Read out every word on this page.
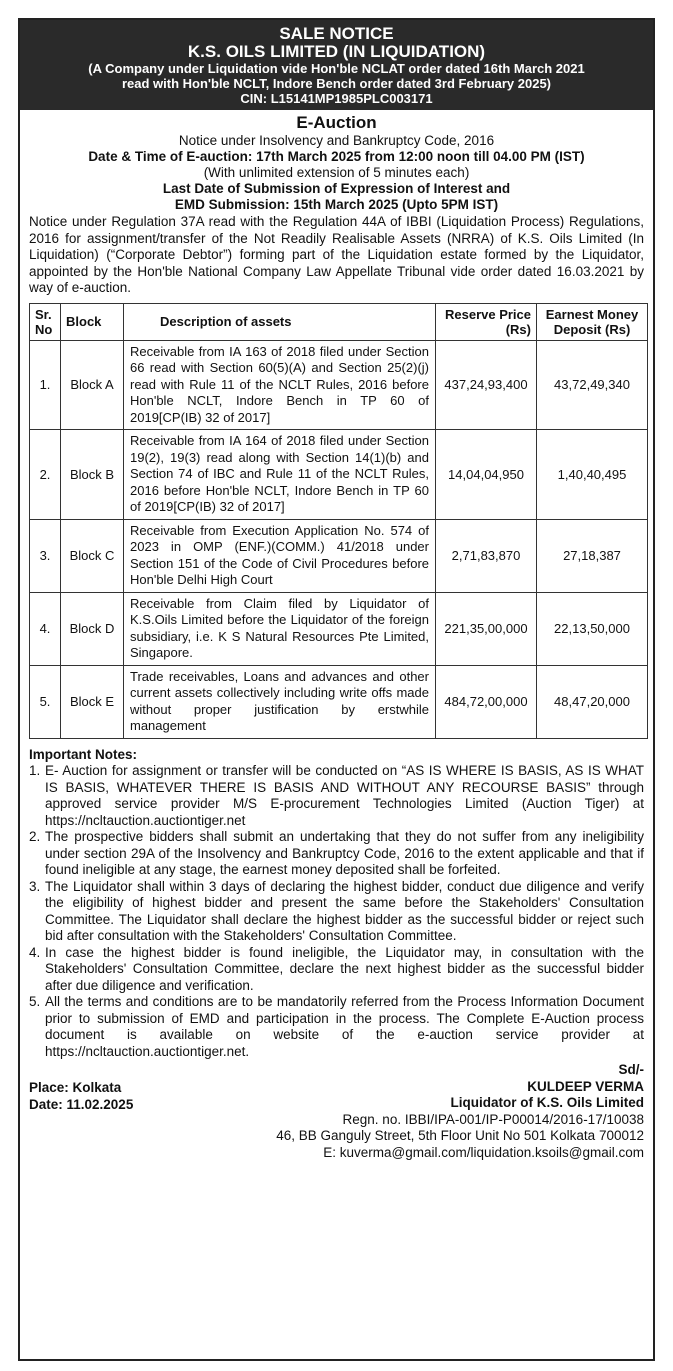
SALE NOTICE
K.S. OILS LIMITED (IN LIQUIDATION)
(A Company under Liquidation vide Hon'ble NCLAT order dated 16th March 2021
read with Hon'ble NCLT, Indore Bench order dated 3rd February 2025)
CIN: L15141MP1985PLC003171
E-Auction
Notice under Insolvency and Bankruptcy Code, 2016
Date & Time of E-auction: 17th March 2025 from 12:00 noon till 04.00 PM (IST)
(With unlimited extension of 5 minutes each)
Last Date of Submission of Expression of Interest and
EMD Submission: 15th March 2025 (Upto 5PM IST)
Notice under Regulation 37A read with the Regulation 44A of IBBI (Liquidation Process) Regulations, 2016 for assignment/transfer of the Not Readily Realisable Assets (NRRA) of K.S. Oils Limited (In Liquidation) (“Corporate Debtor”) forming part of the Liquidation estate formed by the Liquidator, appointed by the Hon'ble National Company Law Appellate Tribunal vide order dated 16.03.2021 by way of e-auction.
Sr. No	Block	Description of assets	Reserve Price (Rs)	Earnest Money Deposit (Rs)
1.	Block A	Receivable from IA 163 of 2018 filed under Section 66 read with Section 60(5)(A) and Section 25(2)(j) read with Rule 11 of the NCLT Rules, 2016 before Hon'ble NCLT, Indore Bench in TP 60 of 2019[CP(IB) 32 of 2017]	437,24,93,400	43,72,49,340
2.	Block B	Receivable from IA 164 of 2018 filed under Section 19(2), 19(3) read along with Section 14(1)(b) and Section 74 of IBC and Rule 11 of the NCLT Rules, 2016 before Hon'ble NCLT, Indore Bench in TP 60 of 2019[CP(IB) 32 of 2017]	14,04,04,950	1,40,40,495
3.	Block C	Receivable from Execution Application No. 574 of 2023 in OMP (ENF.)(COMM.) 41/2018 under Section 151 of the Code of Civil Procedures before Hon'ble Delhi High Court	2,71,83,870	27,18,387
4.	Block D	Receivable from Claim filed by Liquidator of K.S.Oils Limited before the Liquidator of the foreign subsidiary, i.e. K S Natural Resources Pte Limited, Singapore.	221,35,00,000	22,13,50,000
5.	Block E	Trade receivables, Loans and advances and other current assets collectively including write offs made without proper justification by erstwhile management	484,72,00,000	48,47,20,000
Important Notes:
1. E- Auction for assignment or transfer will be conducted on “AS IS WHERE IS BASIS, AS IS WHAT IS BASIS, WHATEVER THERE IS BASIS AND WITHOUT ANY RECOURSE BASIS” through approved service provider M/S E-procurement Technologies Limited (Auction Tiger) at https://ncltauction.auctiontiger.net
2. The prospective bidders shall submit an undertaking that they do not suffer from any ineligibility under section 29A of the Insolvency and Bankruptcy Code, 2016 to the extent applicable and that if found ineligible at any stage, the earnest money deposited shall be forfeited.
3. The Liquidator shall within 3 days of declaring the highest bidder, conduct due diligence and verify the eligibility of highest bidder and present the same before the Stakeholders' Consultation Committee. The Liquidator shall declare the highest bidder as the successful bidder or reject such bid after consultation with the Stakeholders' Consultation Committee.
4. In case the highest bidder is found ineligible, the Liquidator may, in consultation with the Stakeholders' Consultation Committee, declare the next highest bidder as the successful bidder after due diligence and verification.
5. All the terms and conditions are to be mandatorily referred from the Process Information Document prior to submission of EMD and participation in the process. The Complete E-Auction process document is available on website of the e-auction service provider at https://ncltauction.auctiontiger.net.
Place: Kolkata
Date: 11.02.2025
Sd/-
KULDEEP VERMA
Liquidator of K.S. Oils Limited
Regn. no. IBBI/IPA-001/IP-P00014/2016-17/10038
46, BB Ganguly Street, 5th Floor Unit No 501 Kolkata 700012
E: kuverma@gmail.com/liquidation.ksoils@gmail.com
